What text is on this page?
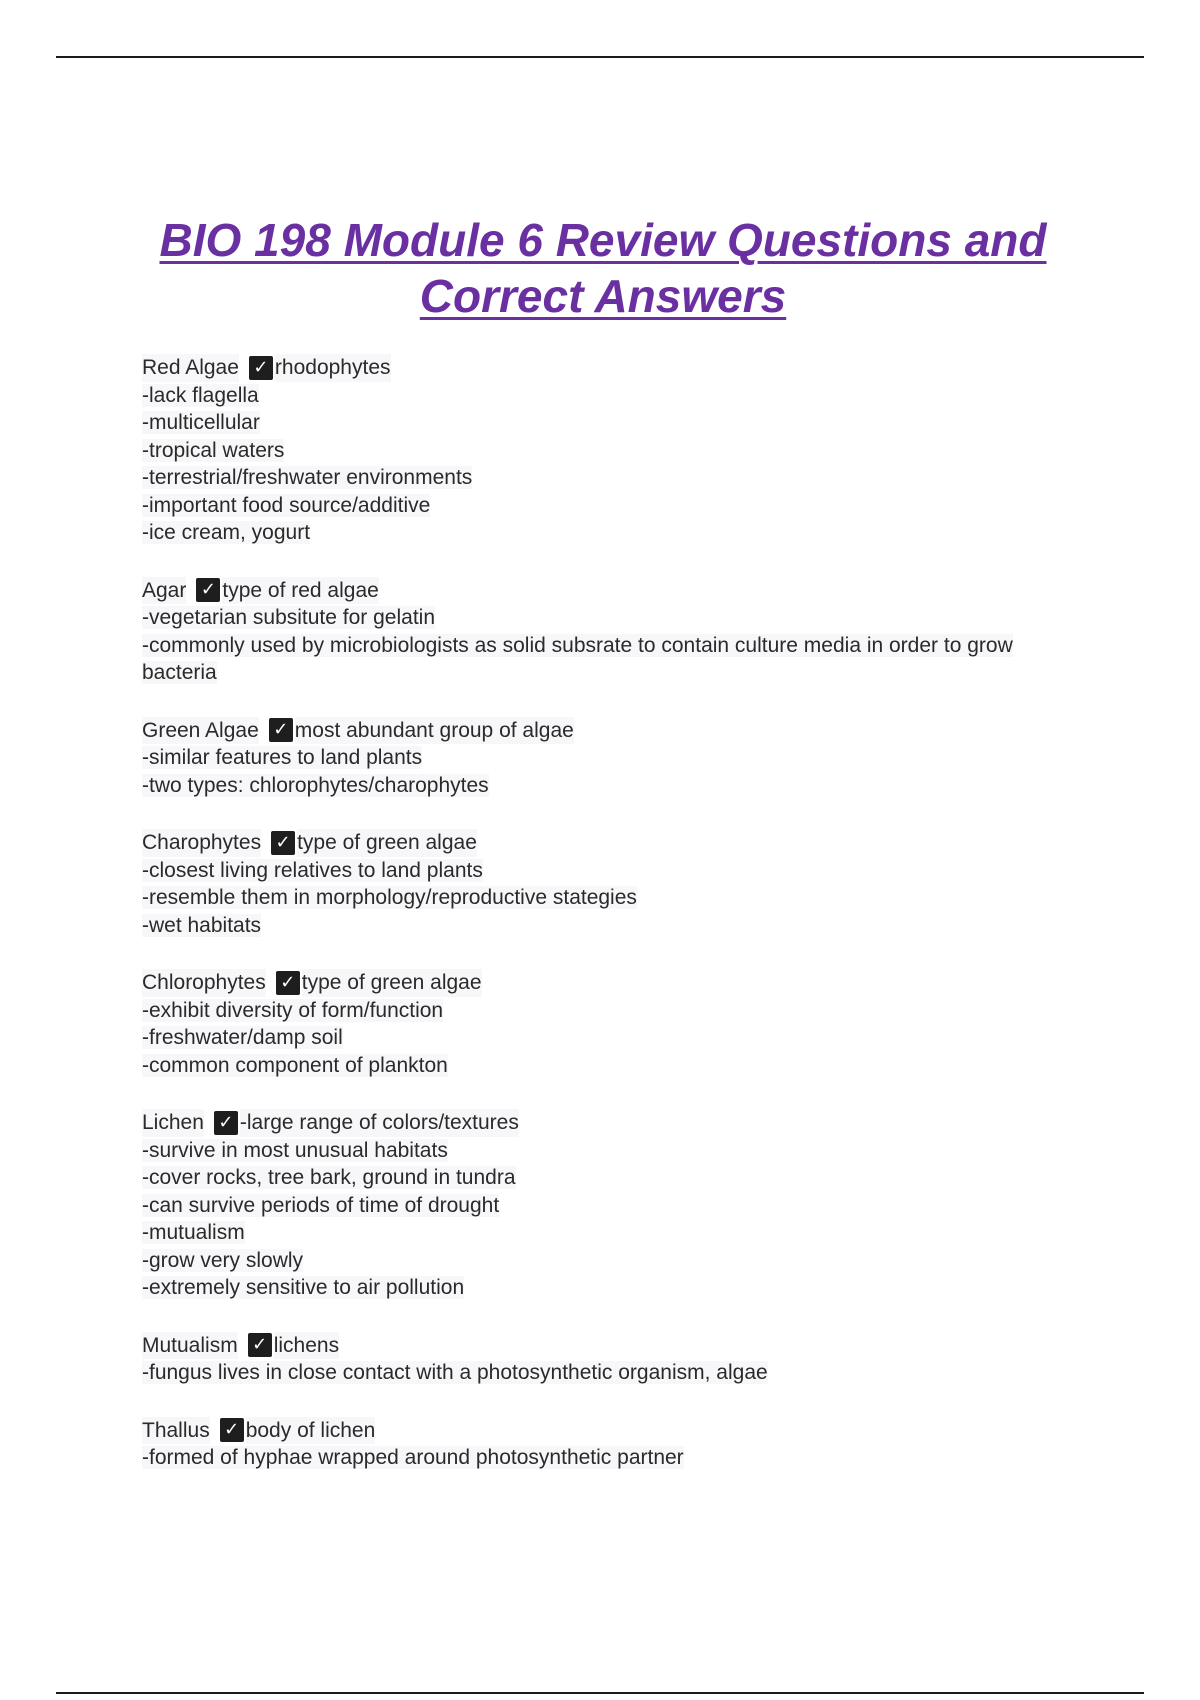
BIO 198 Module 6 Review Questions and Correct Answers
Red Algae ✓ rhodophytes
-lack flagella
-multicellular
-tropical waters
-terrestrial/freshwater environments
-important food source/additive
-ice cream, yogurt
Agar ✓ type of red algae
-vegetarian subsitute for gelatin
-commonly used by microbiologists as solid subsrate to contain culture media in order to grow bacteria
Green Algae ✓ most abundant group of algae
-similar features to land plants
-two types: chlorophytes/charophytes
Charophytes ✓ type of green algae
-closest living relatives to land plants
-resemble them in morphology/reproductive stategies
-wet habitats
Chlorophytes ✓ type of green algae
-exhibit diversity of form/function
-freshwater/damp soil
-common component of plankton
Lichen ✓ -large range of colors/textures
-survive in most unusual habitats
-cover rocks, tree bark, ground in tundra
-can survive periods of time of drought
-mutualism
-grow very slowly
-extremely sensitive to air pollution
Mutualism ✓ lichens
-fungus lives in close contact with a photosynthetic organism, algae
Thallus ✓ body of lichen
-formed of hyphae wrapped around photosynthetic partner
